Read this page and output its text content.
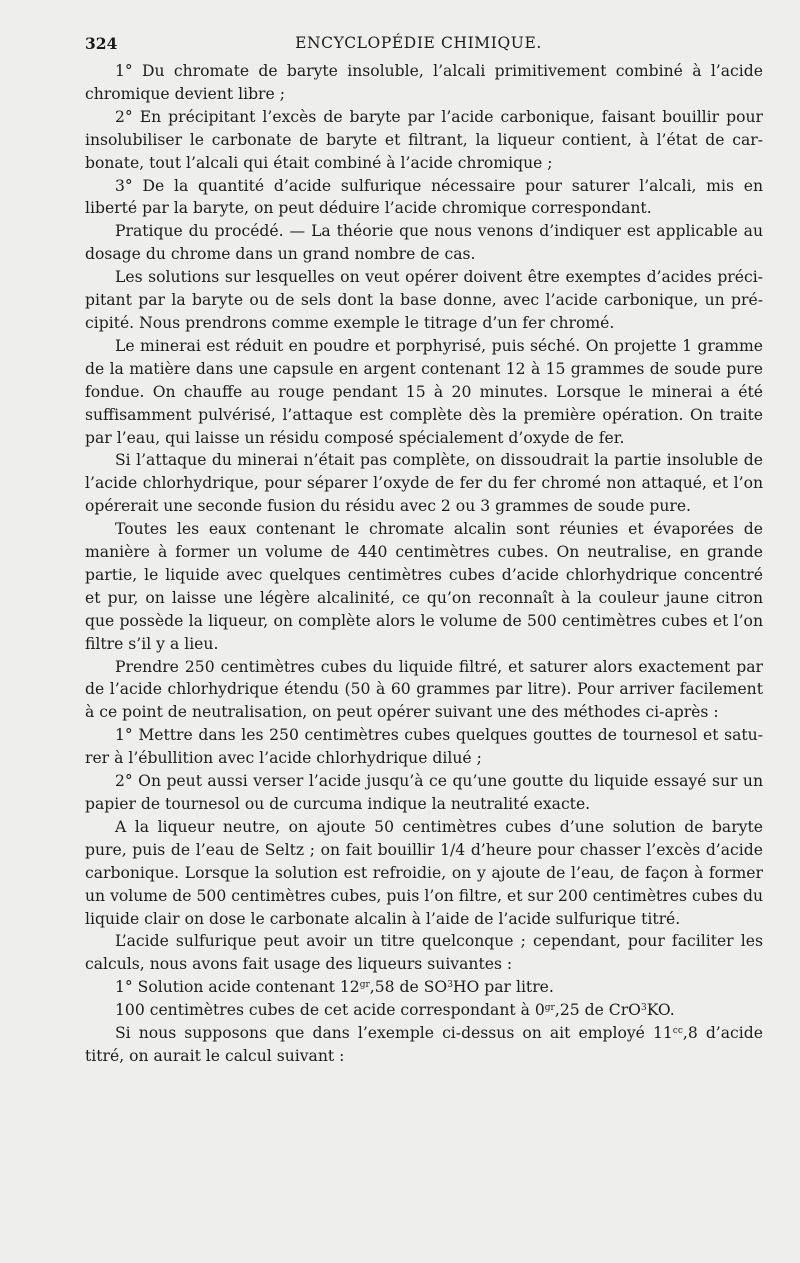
324	ENCYCLOPÉDIE CHIMIQUE.

1° Du chromate de baryte insoluble, l’alcali primitivement combiné à l’acide chromique devient libre ;

2° En précipitant l’excès de baryte par l’acide carbonique, faisant bouillir pour insolubiliser le carbonate de baryte et filtrant, la liqueur contient, à l’état de carbonate, tout l’alcali qui était combiné à l’acide chromique ;

3° De la quantité d’acide sulfurique nécessaire pour saturer l’alcali, mis en liberté par la baryte, on peut déduire l’acide chromique correspondant.

Pratique du procédé. — La théorie que nous venons d’indiquer est applicable au dosage du chrome dans un grand nombre de cas.

Les solutions sur lesquelles on veut opérer doivent être exemptes d’acides précipitant par la baryte ou de sels dont la base donne, avec l’acide carbonique, un précipité. Nous prendrons comme exemple le titrage d’un fer chromé.

Le minerai est réduit en poudre et porphyrisé, puis séché. On projette 1 gramme de la matière dans une capsule en argent contenant 12 à 15 grammes de soude pure fondue. On chauffe au rouge pendant 15 à 20 minutes. Lorsque le minerai a été suffisamment pulvérisé, l’attaque est complète dès la première opération. On traite par l’eau, qui laisse un résidu composé spécialement d’oxyde de fer.

Si l’attaque du minerai n’était pas complète, on dissoudrait la partie insoluble de l’acide chlorhydrique, pour séparer l’oxyde de fer du fer chromé non attaqué, et l’on opérerait une seconde fusion du résidu avec 2 ou 3 grammes de soude pure.

Toutes les eaux contenant le chromate alcalin sont réunies et évaporées de manière à former un volume de 440 centimètres cubes. On neutralise, en grande partie, le liquide avec quelques centimètres cubes d’acide chlorhydrique concentré et pur, on laisse une légère alcalinité, ce qu’on reconnaît à la couleur jaune citron que possède la liqueur, on complète alors le volume de 500 centimètres cubes et l’on filtre s’il y a lieu.

Prendre 250 centimètres cubes du liquide filtré, et saturer alors exactement par de l’acide chlorhydrique étendu (50 à 60 grammes par litre). Pour arriver facilement à ce point de neutralisation, on peut opérer suivant une des méthodes ci-après :

1° Mettre dans les 250 centimètres cubes quelques gouttes de tournesol et saturer à l’ébullition avec l’acide chlorhydrique dilué ;

2° On peut aussi verser l’acide jusqu’à ce qu’une goutte du liquide essayé sur un papier de tournesol ou de curcuma indique la neutralité exacte.

A la liqueur neutre, on ajoute 50 centimètres cubes d’une solution de baryte pure, puis de l’eau de Seltz ; on fait bouillir 1/4 d’heure pour chasser l’excès d’acide carbonique. Lorsque la solution est refroidie, on y ajoute de l’eau, de façon à former un volume de 500 centimètres cubes, puis l’on filtre, et sur 200 centimètres cubes du liquide clair on dose le carbonate alcalin à l’aide de l’acide sulfurique titré.

L’acide sulfurique peut avoir un titre quelconque ; cependant, pour faciliter les calculs, nous avons fait usage des liqueurs suivantes :

1° Solution acide contenant $12^{gr},58$ de $SO^3HO$ par litre.

100 centimètres cubes de cet acide correspondant à $0^{gr},25$ de CrO$^3$KO.

Si nous supposons que dans l’exemple ci-dessus on ait employé $11^{cc},8$ d’acide titré, on aurait le calcul suivant :
